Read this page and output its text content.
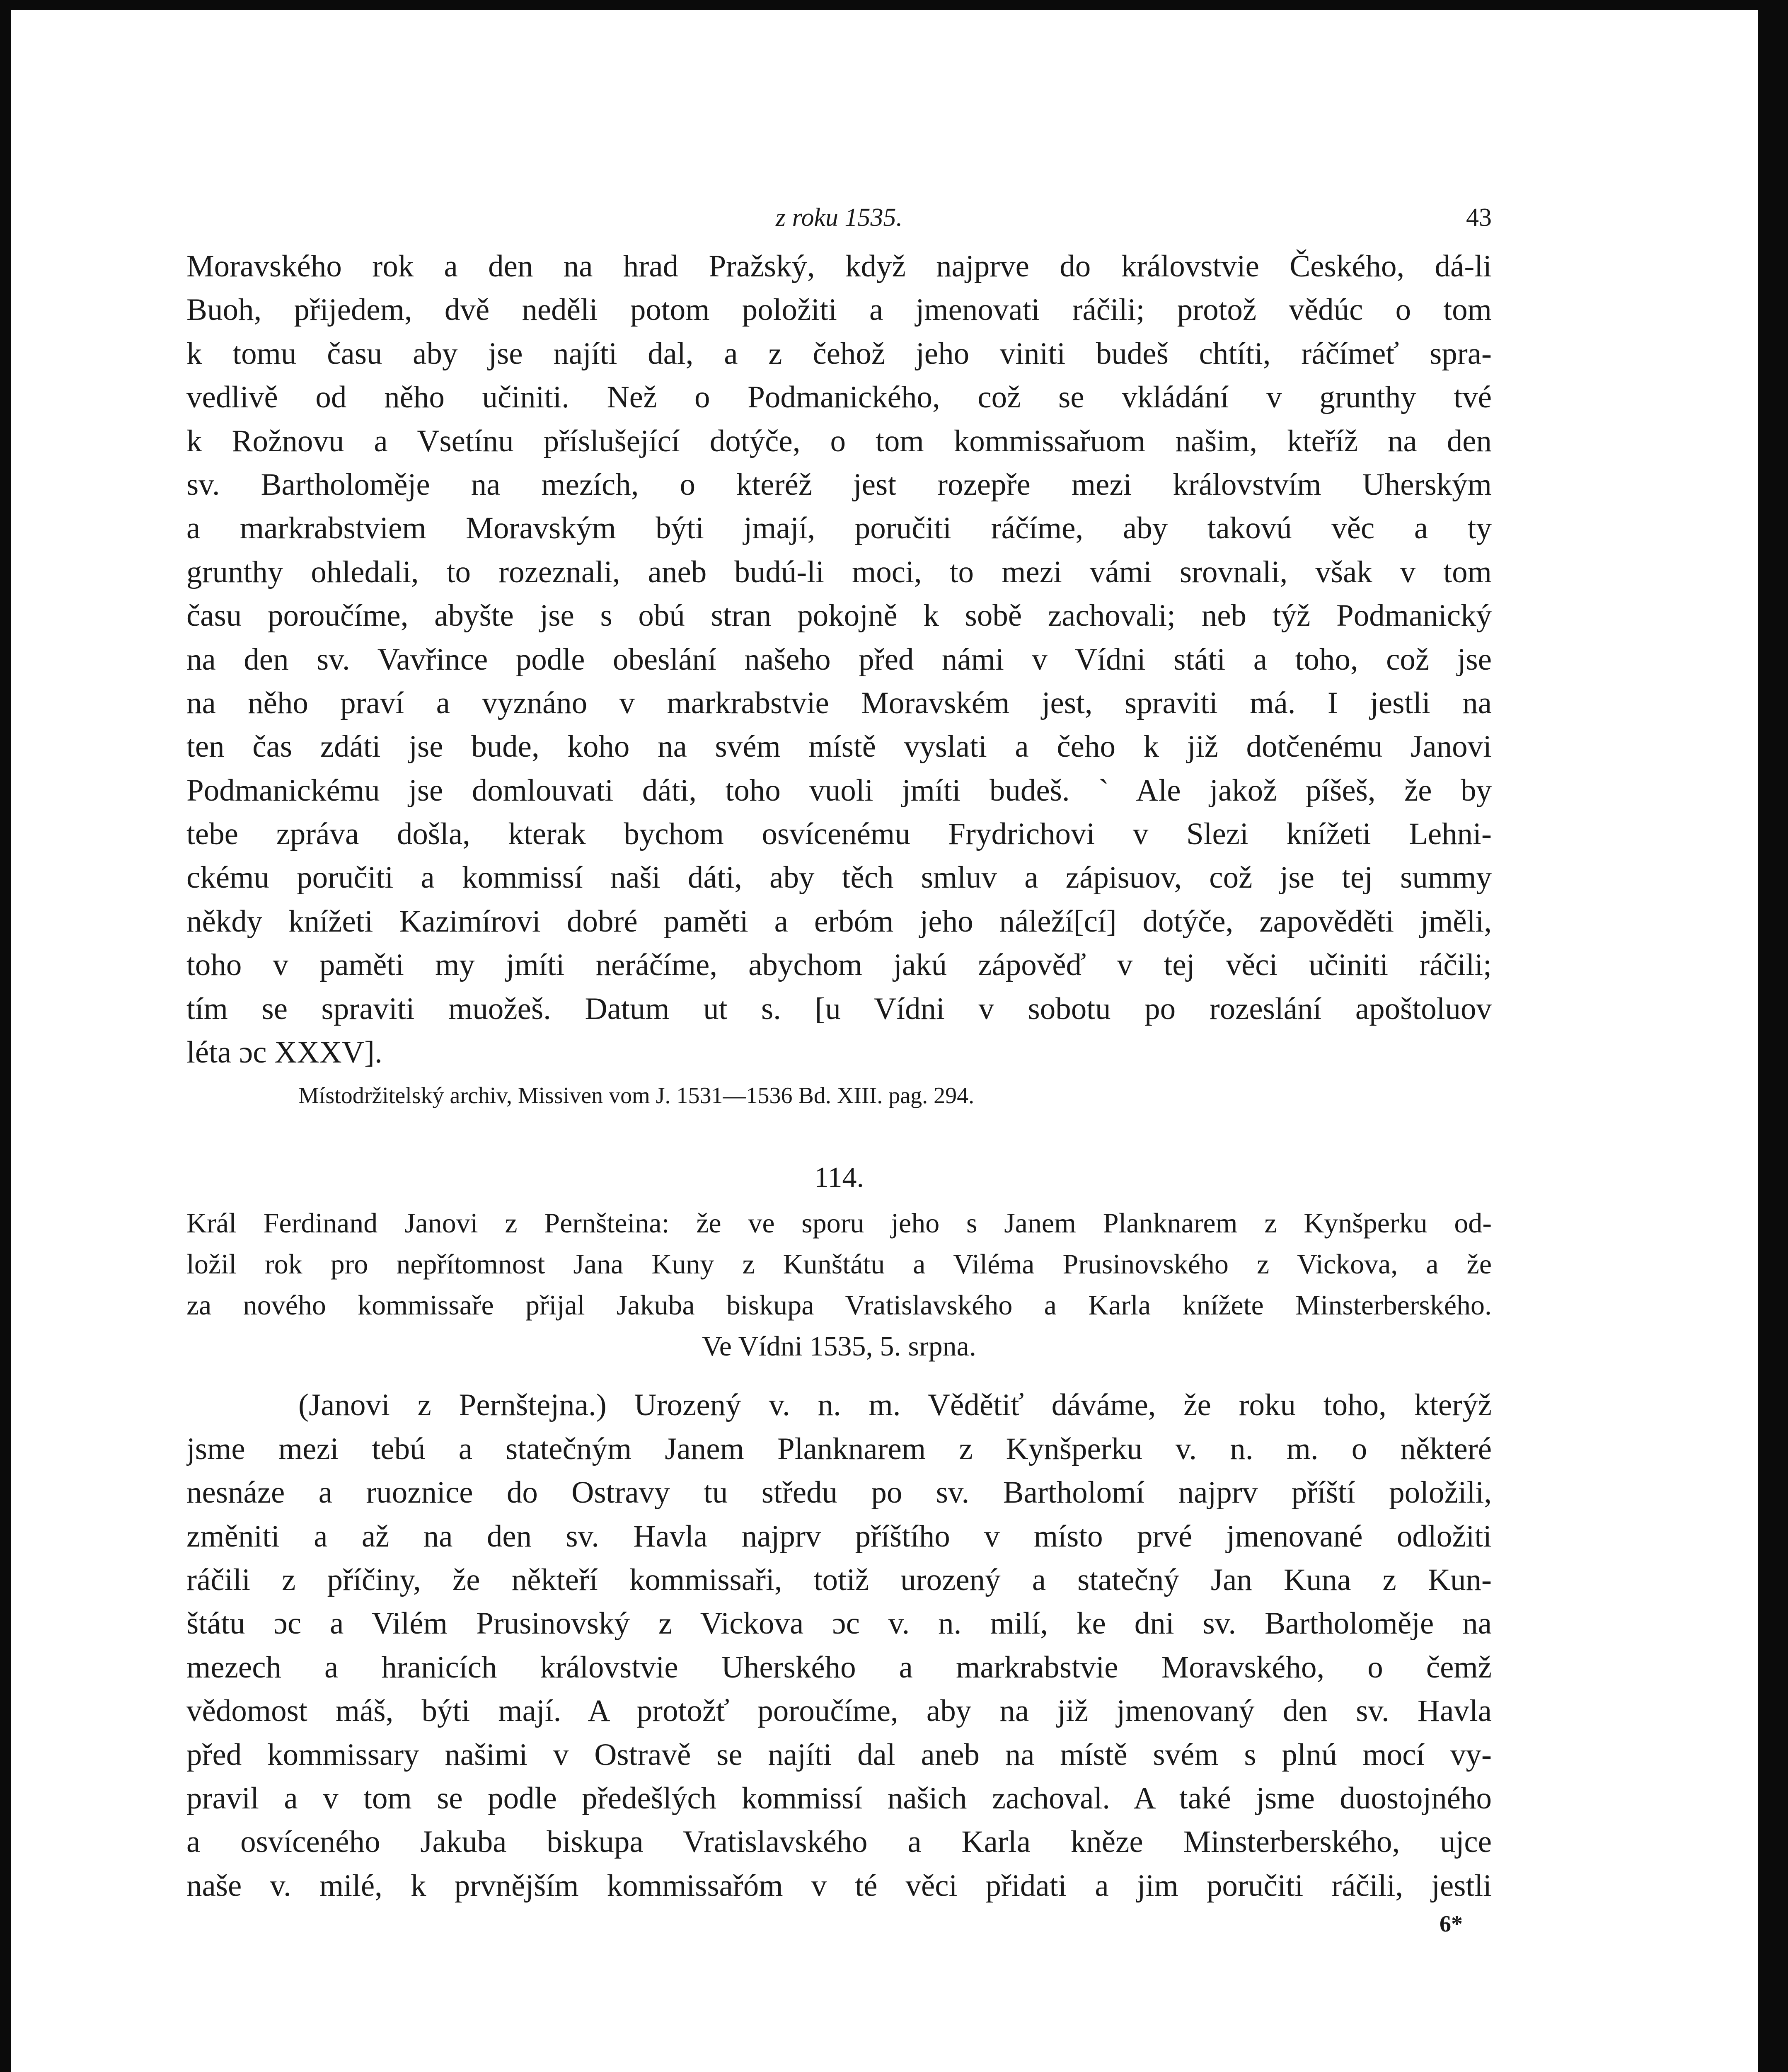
z roku 1535.	43
Moravského rok a den na hrad Pražský, když najprve do královstvie Českého, dá-li
Buoh, přijedem, dvě neděli potom položiti a jmenovati ráčili; protož vědúc o tom
k tomu času aby jse najíti dal, a z čehož jeho viniti budeš chtíti, ráčímeť spra-
vedlivě od něho učiniti. Než o Podmanického, což se vkládání v grunthy tvé
k Rožnovu a Vsetínu příslušející dotýče, o tom kommissařuom našim, kteříž na den
sv. Bartholoměje na mezích, o kteréž jest rozepře mezi královstvím Uherským
a markrabstviem Moravským býti jmají, poručiti ráčíme, aby takovú věc a ty
grunthy ohledali, to rozeznali, aneb budú-li moci, to mezi vámi srovnali, však v tom
času poroučíme, abyšte jse s obú stran pokojně k sobě zachovali; neb týž Podmanický
na den sv. Vavřince podle obeslání našeho před námi v Vídni státi a toho, což jse
na něho praví a vyznáno v markrabstvie Moravském jest, spraviti má. I jestli na
ten čas zdáti jse bude, koho na svém místě vyslati a čeho k již dotčenému Janovi
Podmanickému jse domlouvati dáti, toho vuoli jmíti budeš. ` Ale jakož píšeš, že by
tebe zpráva došla, kterak bychom osvícenému Frydrichovi v Slezi knížeti Lehni-
ckému poručiti a kommissí naši dáti, aby těch smluv a zápisuov, což jse tej summy
někdy knížeti Kazimírovi dobré paměti a erbóm jeho náleží[cí] dotýče, zapověděti jměli,
toho v paměti my jmíti neráčíme, abychom jakú zápověď v tej věci učiniti ráčili;
tím se spraviti muožeš. Datum ut s. [u Vídni v sobotu po rozeslání apoštoluov
léta ɔc XXXV].
Místodržitelský archiv, Missiven vom J. 1531—1536 Bd. XIII. pag. 294.
114.
Král Ferdinand Janovi z Pernšteina: že ve sporu jeho s Janem Planknarem z Kynšperku od-
ložil rok pro nepřítomnost Jana Kuny z Kunštátu a Viléma Prusinovského z Vickova, a že
za nového kommissaře přijal Jakuba biskupa Vratislavského a Karla knížete Minsterberského.
Ve Vídni 1535, 5. srpna.
(Janovi z Pernštejna.) Urozený v. n. m. Vědětiť dáváme, že roku toho, kterýž
jsme mezi tebú a statečným Janem Planknarem z Kynšperku v. n. m. o některé
nesnáze a ruoznice do Ostravy tu středu po sv. Bartholomí najprv příští položili,
změniti a až na den sv. Havla najprv příštího v místo prvé jmenované odložiti
ráčili z příčiny, že někteří kommissaři, totiž urozený a statečný Jan Kuna z Kun-
štátu ɔc a Vilém Prusinovský z Vickova ɔc v. n. milí, ke dni sv. Bartholoměje na
mezech a hranicích královstvie Uherského a markrabstvie Moravského, o čemž
vědomost máš, býti mají. A protožť poroučíme, aby na již jmenovaný den sv. Havla
před kommissary našimi v Ostravě se najíti dal aneb na místě svém s plnú mocí vy-
pravil a v tom se podle předešlých kommissí našich zachoval. A také jsme duostojného
a osvíceného Jakuba biskupa Vratislavského a Karla kněze Minsterberského, ujce
naše v. milé, k prvnějším kommissařóm v té věci přidati a jim poručiti ráčili, jestli
6*
